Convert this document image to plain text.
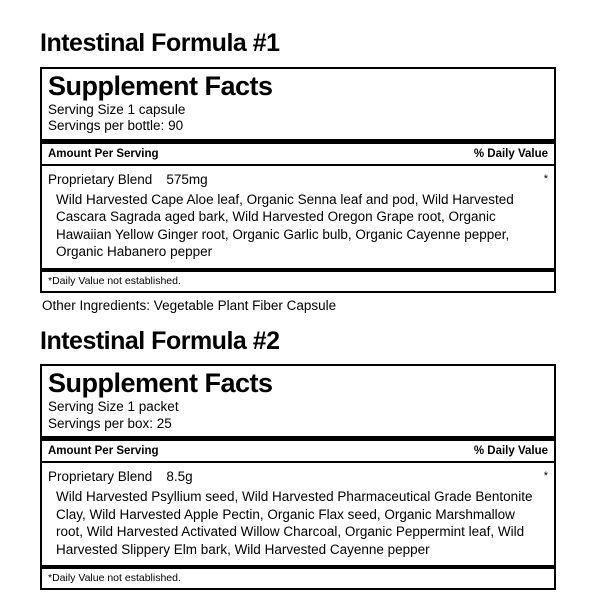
Intestinal Formula #1
Supplement Facts
Serving Size 1 capsule
Servings per bottle: 90
Amount Per Serving	% Daily Value
Proprietary Blend 575mg	*
Wild Harvested Cape Aloe leaf, Organic Senna leaf and pod, Wild Harvested Cascara Sagrada aged bark, Wild Harvested Oregon Grape root, Organic Hawaiian Yellow Ginger root, Organic Garlic bulb, Organic Cayenne pepper, Organic Habanero pepper
*Daily Value not established.
Other Ingredients: Vegetable Plant Fiber Capsule
Intestinal Formula #2
Supplement Facts
Serving Size 1 packet
Servings per box: 25
Amount Per Serving	% Daily Value
Proprietary Blend 8.5g	*
Wild Harvested Psyllium seed, Wild Harvested Pharmaceutical Grade Bentonite Clay, Wild Harvested Apple Pectin, Organic Flax seed, Organic Marshmallow root, Wild Harvested Activated Willow Charcoal, Organic Peppermint leaf, Wild Harvested Slippery Elm bark, Wild Harvested Cayenne pepper
*Daily Value not established.
